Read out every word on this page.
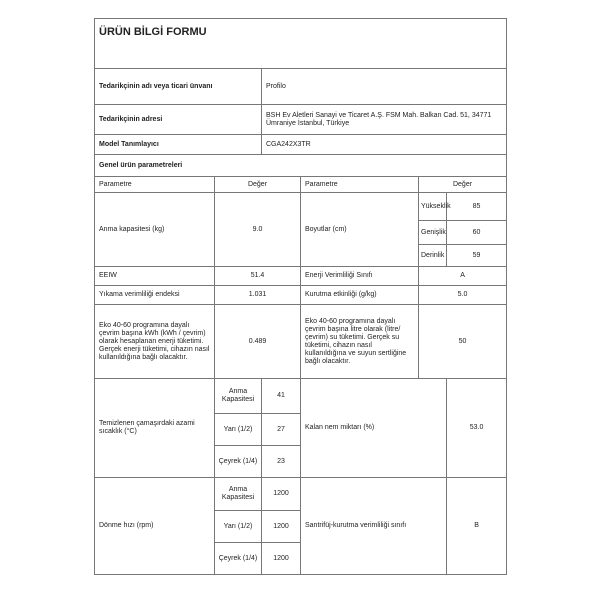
ÜRÜN BİLGİ FORMU					
Tedarikçinin adı veya ticari ünvanı		Profilo			
Tedarikçinin adresi		BSH Ev Aletleri Sanayi ve Ticaret A.Ş. FSM Mah. Balkan Cad. 51, 34771 Ümraniye İstanbul, Türkiye			
Model Tanımlayıcı		CGA242X3TR			
Genel ürün parametreleri					
Parametre	Değer		Parametre	Değer	
Anma kapasitesi (kg)	9.0		Boyutlar (cm)	Yükseklik	85
				Genişlik	60
				Derinlik	59
EEIW	51.4		Enerji Verimliliği Sınıfı	A	
Yıkama verimliliği endeksi	1.031		Kurutma etkinliği (g/kg)	5.0	
Eko 40-60 programına dayalı çevrim başına kWh (kWh / çevrim) olarak hesaplanan enerji tüketimi. Gerçek enerji tüketimi, cihazın nasıl kullanıldığına bağlı olacaktır.	0.489		Eko 40-60 programına dayalı çevrim başına litre olarak (litre/çevrim) su tüketimi. Gerçek su tüketimi, cihazın nasıl kullanıldığına ve suyun sertliğine bağlı olacaktır.	50	
Temizlenen çamaşırdaki azami sıcaklık (°C)	Anma Kapasitesi	41	Kalan nem miktarı (%)		53.0
	Yarı (1/2)	27			
	Çeyrek (1/4)	23			
Dönme hızı (rpm)	Anma Kapasitesi	1200	Santrifüj-kurutma verimliliği sınıfı		B
	Yarı (1/2)	1200			
	Çeyrek (1/4)	1200			
